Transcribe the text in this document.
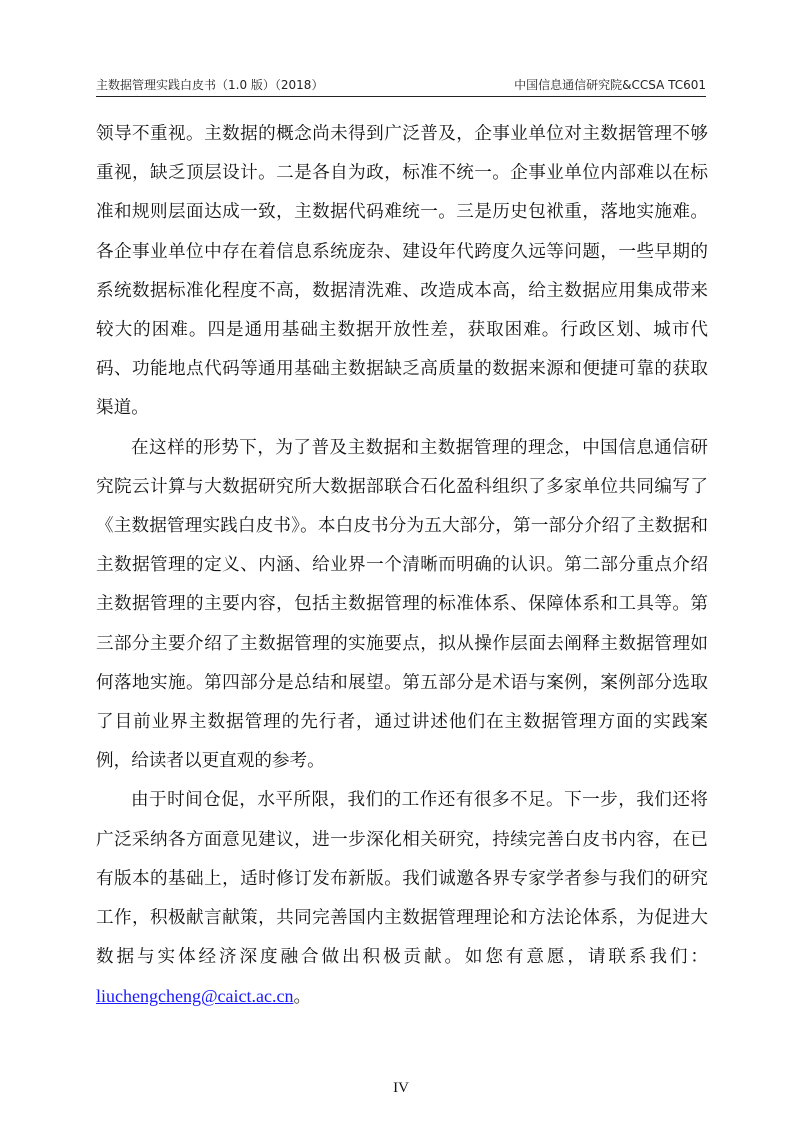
主数据管理实践白皮书（1.0 版）（2018）	中国信息通信研究院&CCSA TC601

领导不重视。主数据的概念尚未得到广泛普及，企事业单位对主数据管理不够重视，缺乏顶层设计。二是各自为政，标准不统一。企事业单位内部难以在标准和规则层面达成一致，主数据代码难统一。三是历史包袱重，落地实施难。各企事业单位中存在着信息系统庞杂、建设年代跨度久远等问题，一些早期的系统数据标准化程度不高，数据清洗难、改造成本高，给主数据应用集成带来较大的困难。四是通用基础主数据开放性差，获取困难。行政区划、城市代码、功能地点代码等通用基础主数据缺乏高质量的数据来源和便捷可靠的获取渠道。

在这样的形势下，为了普及主数据和主数据管理的理念，中国信息通信研究院云计算与大数据研究所大数据部联合石化盈科组织了多家单位共同编写了《主数据管理实践白皮书》。本白皮书分为五大部分，第一部分介绍了主数据和主数据管理的定义、内涵、给业界一个清晰而明确的认识。第二部分重点介绍主数据管理的主要内容，包括主数据管理的标准体系、保障体系和工具等。第三部分主要介绍了主数据管理的实施要点，拟从操作层面去阐释主数据管理如何落地实施。第四部分是总结和展望。第五部分是术语与案例，案例部分选取了目前业界主数据管理的先行者，通过讲述他们在主数据管理方面的实践案例，给读者以更直观的参考。

由于时间仓促，水平所限，我们的工作还有很多不足。下一步，我们还将广泛采纳各方面意见建议，进一步深化相关研究，持续完善白皮书内容，在已有版本的基础上，适时修订发布新版。我们诚邀各界专家学者参与我们的研究工作，积极献言献策，共同完善国内主数据管理理论和方法论体系，为促进大数据与实体经济深度融合做出积极贡献。如您有意愿，请联系我们：liuchengcheng@caict.ac.cn。

IV
